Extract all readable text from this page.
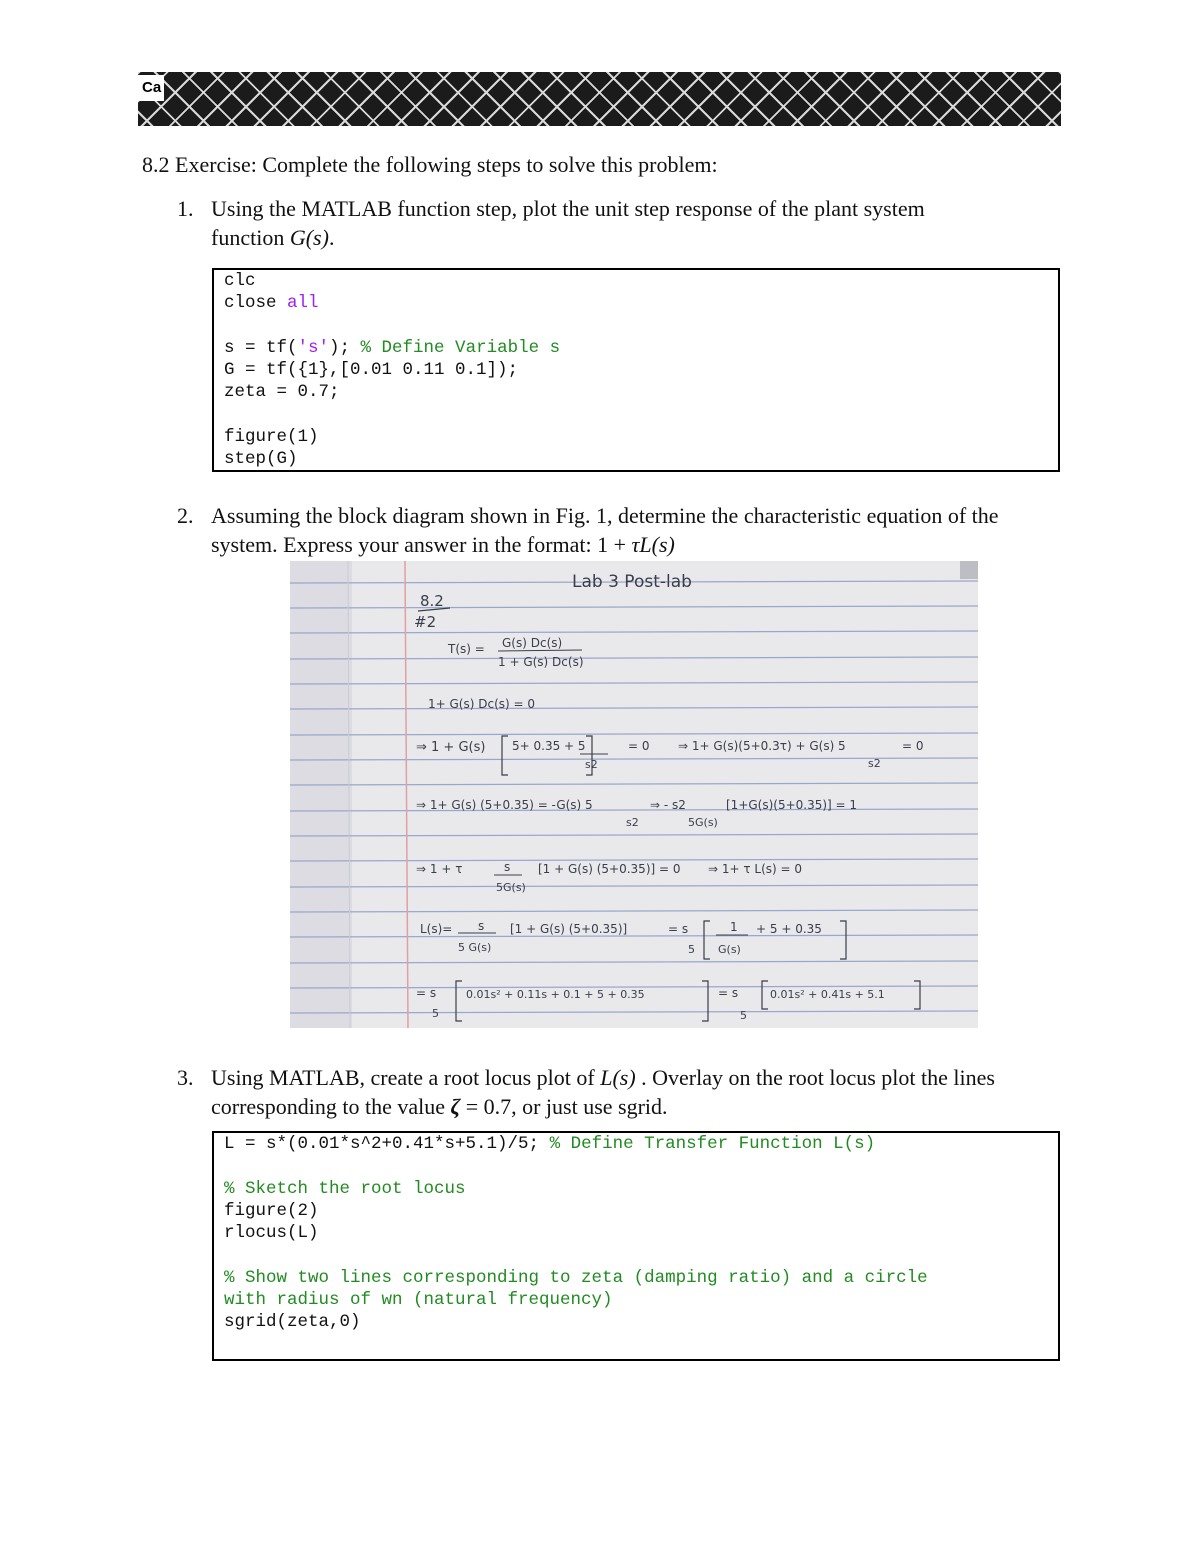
Ca
8.2 Exercise: Complete the following steps to solve this problem:
1. Using the MATLAB function step, plot the unit step response of the plant system
function G(s).
clc
close all
s = tf('s'); % Define Variable s
G = tf({1},[0.01 0.11 0.1]);
zeta = 0.7;
figure(1)
step(G)
2. Assuming the block diagram shown in Fig. 1, determine the characteristic equation of the
system. Express your answer in the format: 1 + τL(s)
Lab 3 Post-lab
8.2
#2
T(s) = G(s) Dc(s)
1 + G(s) Dc(s)
1+ G(s) Dc(s) = 0
⇒ 1 + G(s) 5+ 0.35 + 5
s2
= 0 ⇒ 1+ G(s)(5+0.3τ) + G(s) 5	= 0
s2
⇒ 1+ G(s) (5+0.35) = -G(s) 5
s2
⇒ - s2
5G(s)
[1+G(s)(5+0.35)] = 1
⇒ 1 + τ	s
5G(s)
[1 + G(s) (5+0.35)] = 0 ⇒ 1+ τ L(s) = 0
L(s)= s
5 G(s)
[1 + G(s) (5+0.35)]	= s
5
1
G(s)
+ 5 + 0.35
= s
5
0.01s² + 0.11s + 0.1 + 5 + 0.35	= s
5
0.01s² + 0.41s + 5.1
3. Using MATLAB, create a root locus plot of L(s) . Overlay on the root locus plot the lines
corresponding to the value ζ = 0.7, or just use sgrid.
L = s*(0.01*s^2+0.41*s+5.1)/5; % Define Transfer Function L(s)
% Sketch the root locus
figure(2)
rlocus(L)
% Show two lines corresponding to zeta (damping ratio) and a circle
with radius of wn (natural frequency)
sgrid(zeta,0)
